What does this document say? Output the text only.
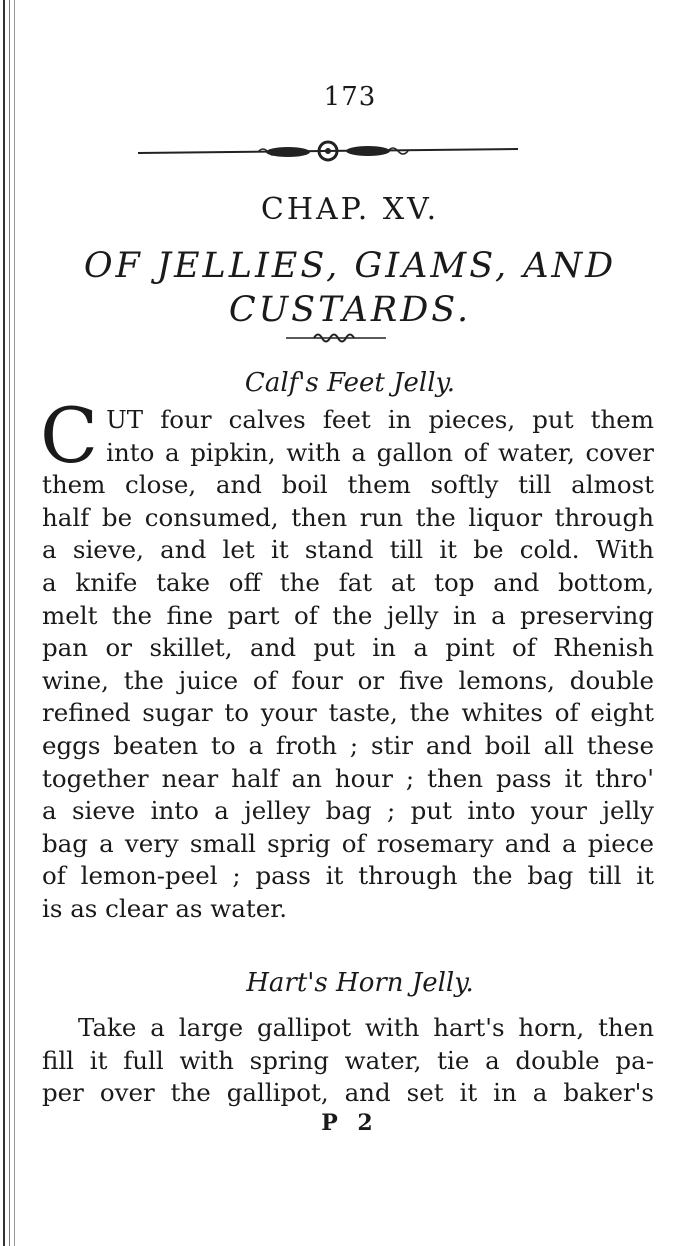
173
CHAP. XV.
OF JELLIES, GIAMS, AND
CUSTARDS.
Calf's Feet Jelly.
C UT four calves feet in pieces, put them
into a pipkin, with a gallon of water, cover
them close, and boil them softly till almost
half be consumed, then run the liquor through
a sieve, and let it stand till it be cold. With
a knife take off the fat at top and bottom,
melt the fine part of the jelly in a preserving
pan or skillet, and put in a pint of Rhenish
wine, the juice of four or five lemons, double
refined sugar to your taste, the whites of eight
eggs beaten to a froth ; stir and boil all these
together near half an hour ; then pass it thro'
a sieve into a jelley bag ; put into your jelly
bag a very small sprig of rosemary and a piece
of lemon-peel ; pass it through the bag till it
is as clear as water.
Hart's Horn Jelly.
Take a large gallipot with hart's horn, then
fill it full with spring water, tie a double pa-
per over the gallipot, and set it in a baker's
P 2
